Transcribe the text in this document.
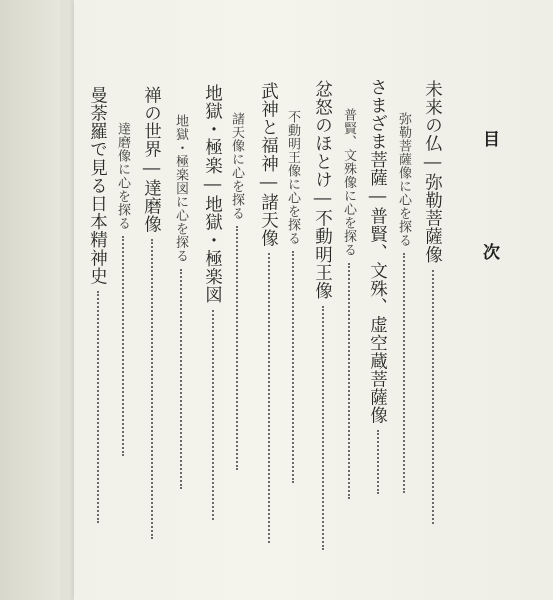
目次
未来の仏―弥勒菩薩像
弥勒菩薩像に心を探る
さまざま菩薩―普賢、文殊、虚空蔵菩薩像
普賢、文殊像に心を探る
忿怒のほとけ―不動明王像
不動明王像に心を探る
武神と福神―諸天像
諸天像に心を探る
地獄・極楽―地獄・極楽図
地獄・極楽図に心を探る
禅の世界―達磨像
達磨像に心を探る
曼荼羅で見る日本精神史
